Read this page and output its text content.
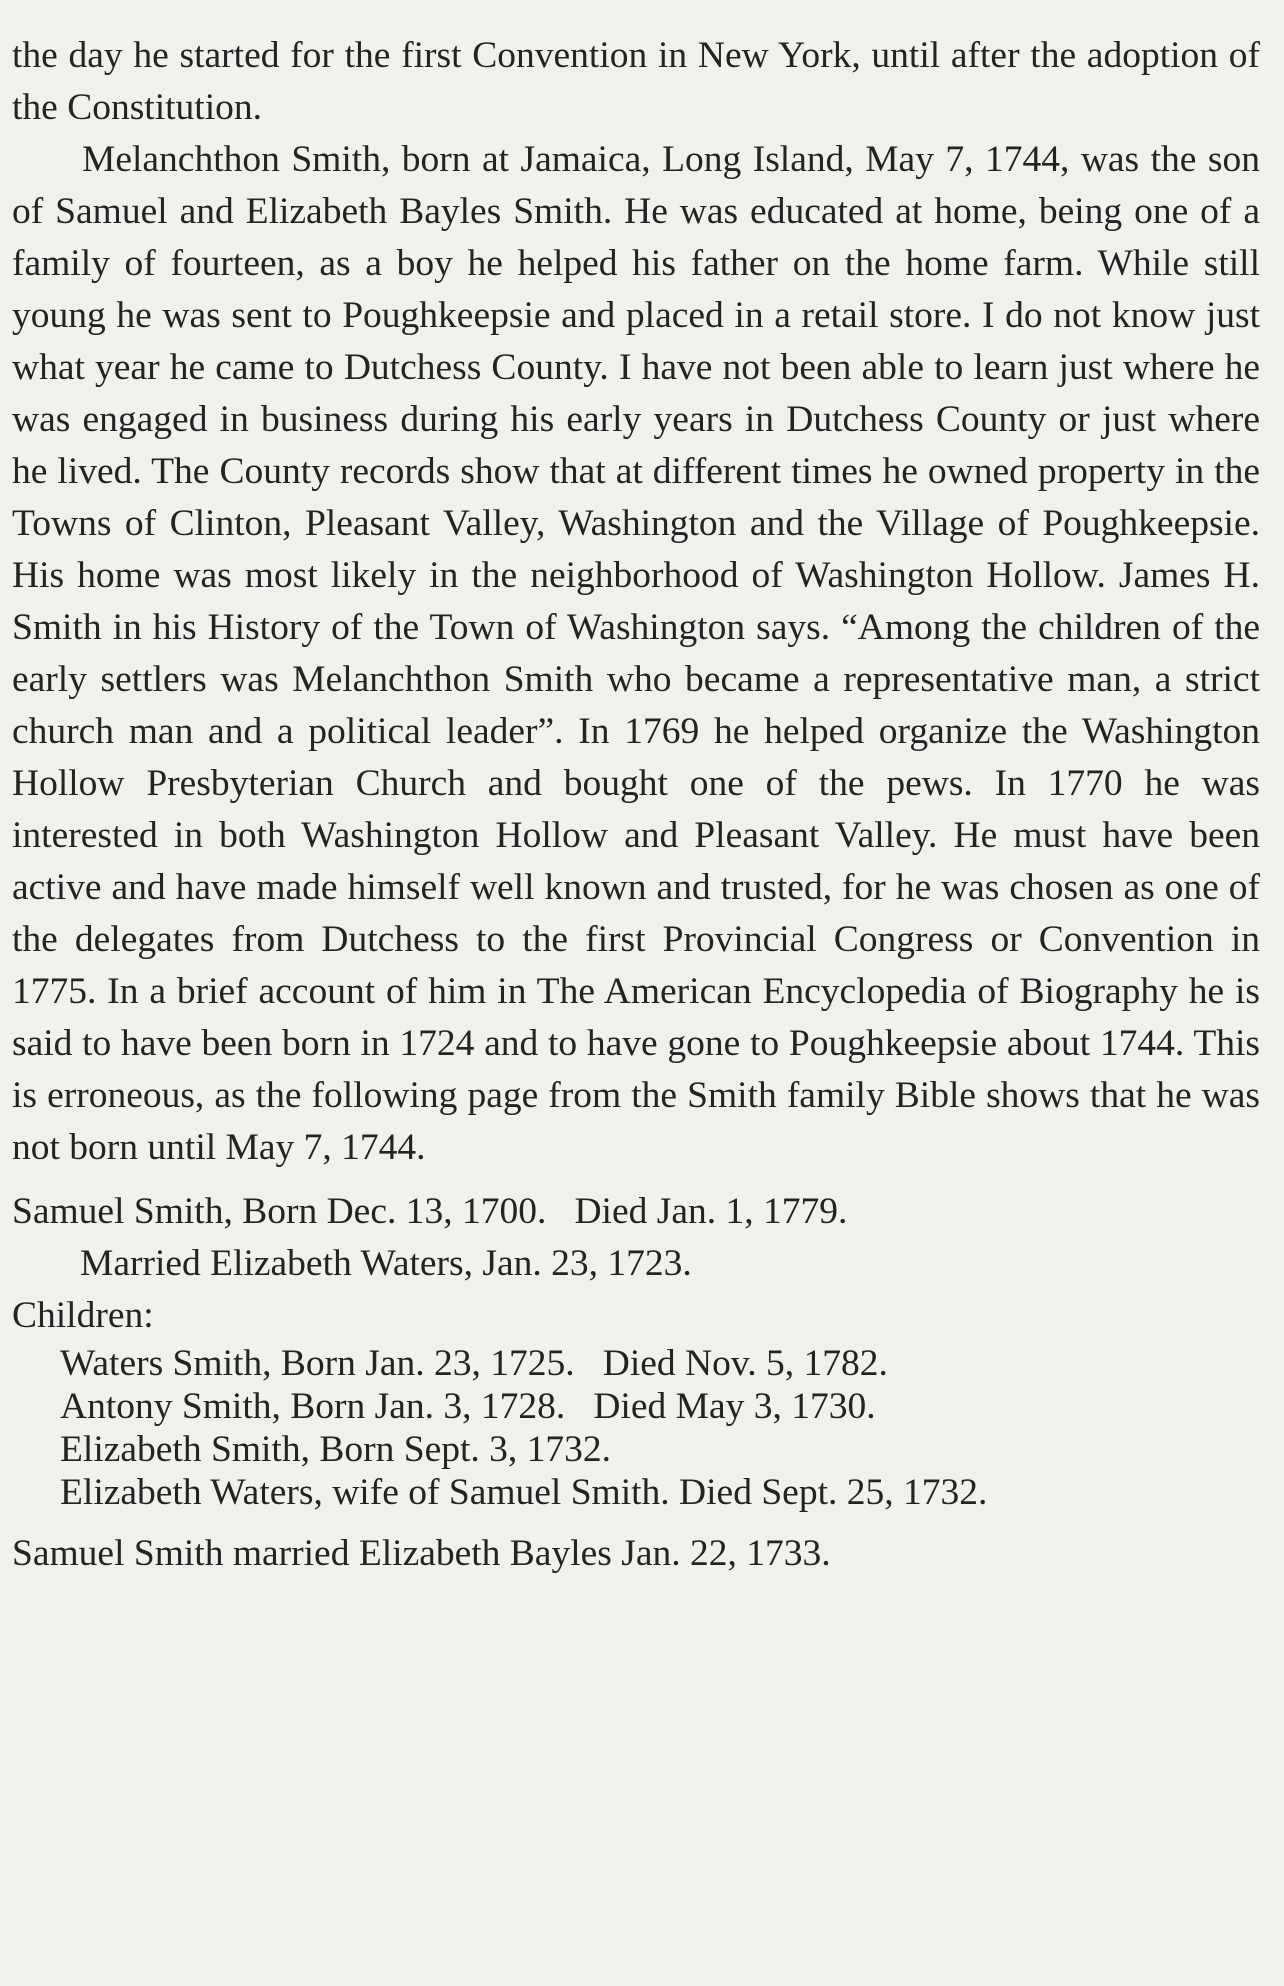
the day he started for the first Convention in New York, until after the adoption of the Constitution.

Melanchthon Smith, born at Jamaica, Long Island, May 7, 1744, was the son of Samuel and Elizabeth Bayles Smith. He was educated at home, being one of a family of fourteen, as a boy he helped his father on the home farm. While still young he was sent to Poughkeepsie and placed in a retail store. I do not know just what year he came to Dutchess County. I have not been able to learn just where he was engaged in business during his early years in Dutchess County or just where he lived. The County records show that at different times he owned property in the Towns of Clinton, Pleasant Valley, Washington and the Village of Poughkeepsie. His home was most likely in the neighborhood of Washington Hollow. James H. Smith in his History of the Town of Washington says. “Among the children of the early settlers was Melanchthon Smith who became a representative man, a strict church man and a political leader”. In 1769 he helped organize the Washington Hollow Presbyterian Church and bought one of the pews. In 1770 he was interested in both Washington Hollow and Pleasant Valley. He must have been active and have made himself well known and trusted, for he was chosen as one of the delegates from Dutchess to the first Provincial Congress or Convention in 1775. In a brief account of him in The American Encyclopedia of Biography he is said to have been born in 1724 and to have gone to Poughkeepsie about 1744. This is erroneous, as the following page from the Smith family Bible shows that he was not born until May 7, 1744.

Samuel Smith, Born Dec. 13, 1700.   Died Jan. 1, 1779.

Married Elizabeth Waters, Jan. 23, 1723.

Children:

Waters Smith, Born Jan. 23, 1725.   Died Nov. 5, 1782.
Antony Smith, Born Jan. 3, 1728.   Died May 3, 1730.
Elizabeth Smith, Born Sept. 3, 1732.
Elizabeth Waters, wife of Samuel Smith. Died Sept. 25, 1732.

Samuel Smith married Elizabeth Bayles Jan. 22, 1733.
